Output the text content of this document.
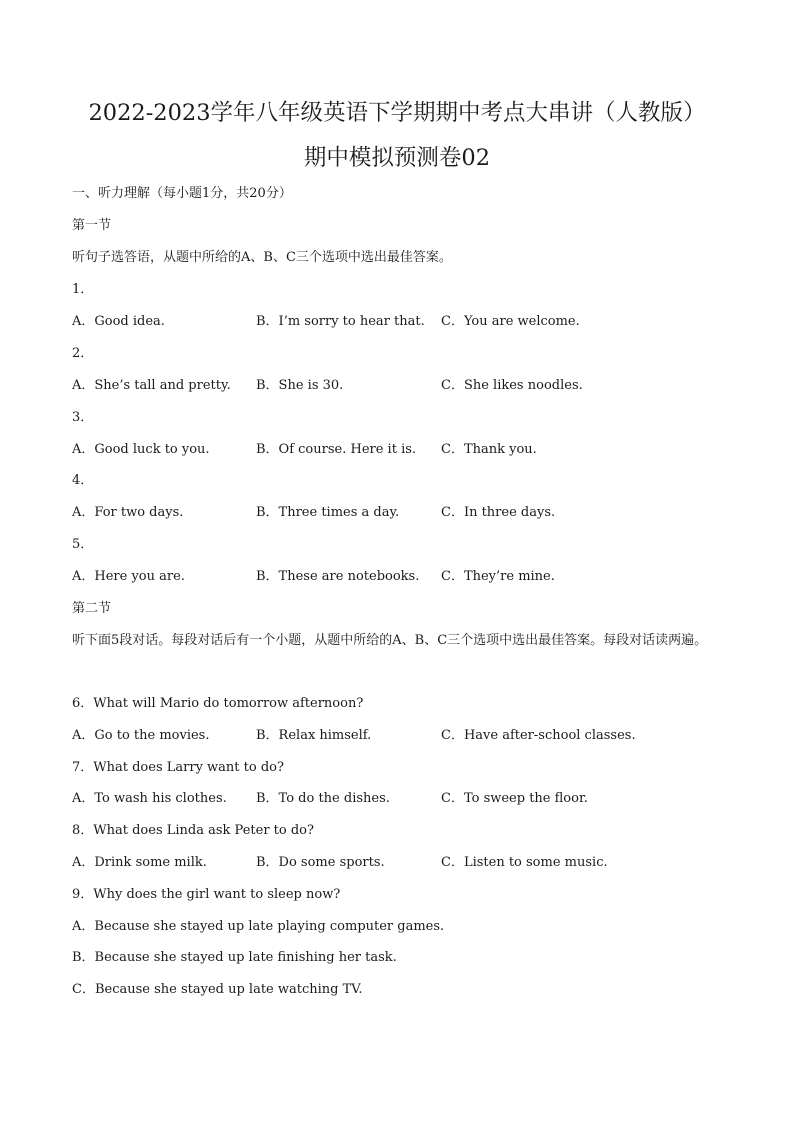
2022-2023学年八年级英语下学期期中考点大串讲（人教版）
期中模拟预测卷02
一、听力理解（每小题1分，共20分）
第一节
听句子选答语，从题中所给的A、B、C三个选项中选出最佳答案。
1．
A．Good idea.	B．I’m sorry to hear that. C．You are welcome.
2．
A．She’s tall and pretty. B．She is 30.	C．She likes noodles.
3．
A．Good luck to you.	B．Of course. Here it is. C．Thank you.
4．
A．For two days.	B．Three times a day.	C．In three days.
5．
A．Here you are.	B．These are notebooks. C．They’re mine.
第二节
听下面5段对话。每段对话后有一个小题，从题中所给的A、B、C三个选项中选出最佳答案。每段对话读两遍。
6．What will Mario do tomorrow afternoon?
A．Go to the movies.	B．Relax himself.	C．Have after-school classes.
7．What does Larry want to do?
A．To wash his clothes. B．To do the dishes.	C．To sweep the floor.
8．What does Linda ask Peter to do?
A．Drink some milk.	B．Do some sports.	C．Listen to some music.
9．Why does the girl want to sleep now?
A．Because she stayed up late playing computer games.
B．Because she stayed up late finishing her task.
C．Because she stayed up late watching TV.
